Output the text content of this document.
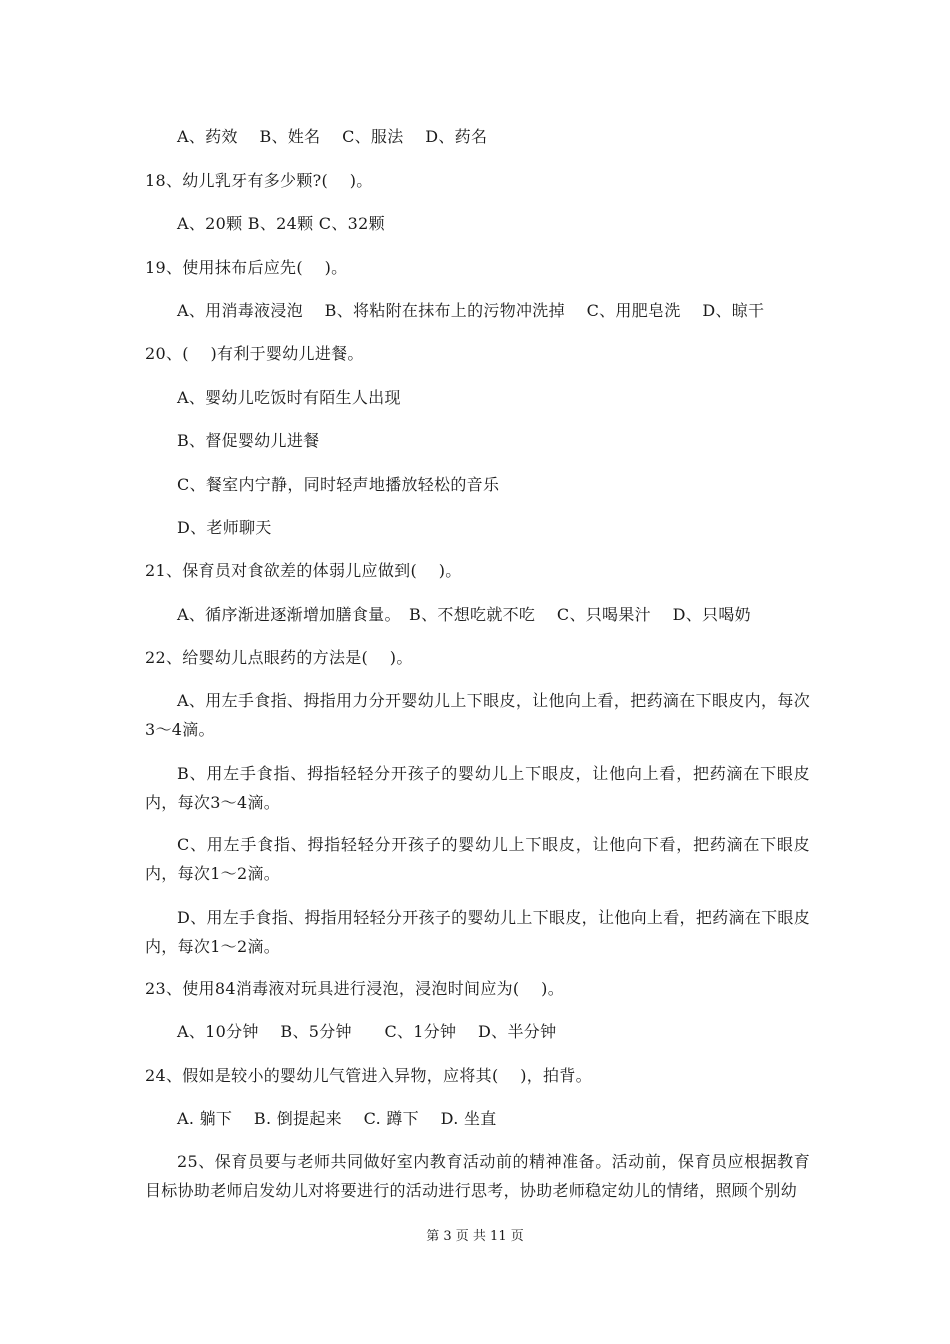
A、药效　 B、姓名　 C、服法　 D、药名
18、幼儿乳牙有多少颗?(　 )。
A、20颗 B、24颗 C、32颗
19、使用抹布后应先(　 )。
A、用消毒液浸泡　 B、将粘附在抹布上的污物冲洗掉　 C、用肥皂洗　 D、晾干
20、(　 )有利于婴幼儿进餐。
A、婴幼儿吃饭时有陌生人出现
B、督促婴幼儿进餐
C、餐室内宁静，同时轻声地播放轻松的音乐
D、老师聊天
21、保育员对食欲差的体弱儿应做到(　 )。
A、循序渐进逐渐增加膳食量。　B、不想吃就不吃　 C、只喝果汁　 D、只喝奶
22、给婴幼儿点眼药的方法是(　 )。
A、用左手食指、拇指用力分开婴幼儿上下眼皮，让他向上看，把药滴在下眼皮内，每次3～4滴。
B、用左手食指、拇指轻轻分开孩子的婴幼儿上下眼皮，让他向上看，把药滴在下眼皮内，每次3～4滴。
C、用左手食指、拇指轻轻分开孩子的婴幼儿上下眼皮，让他向下看，把药滴在下眼皮内，每次1～2滴。
D、用左手食指、拇指用轻轻分开孩子的婴幼儿上下眼皮，让他向上看，把药滴在下眼皮内，每次1～2滴。
23、使用84消毒液对玩具进行浸泡，浸泡时间应为(　 )。
A、10分钟　 B、5分钟　　C、1分钟　 D、半分钟
24、假如是较小的婴幼儿气管进入异物，应将其(　 )，拍背。
A. 躺下　 B. 倒提起来　 C. 蹲下　 D. 坐直
25、保育员要与老师共同做好室内教育活动前的精神准备。活动前，保育员应根据教育目标协助老师启发幼儿对将要进行的活动进行思考，协助老师稳定幼儿的情绪，照顾个别幼
第 3 页 共 11 页
